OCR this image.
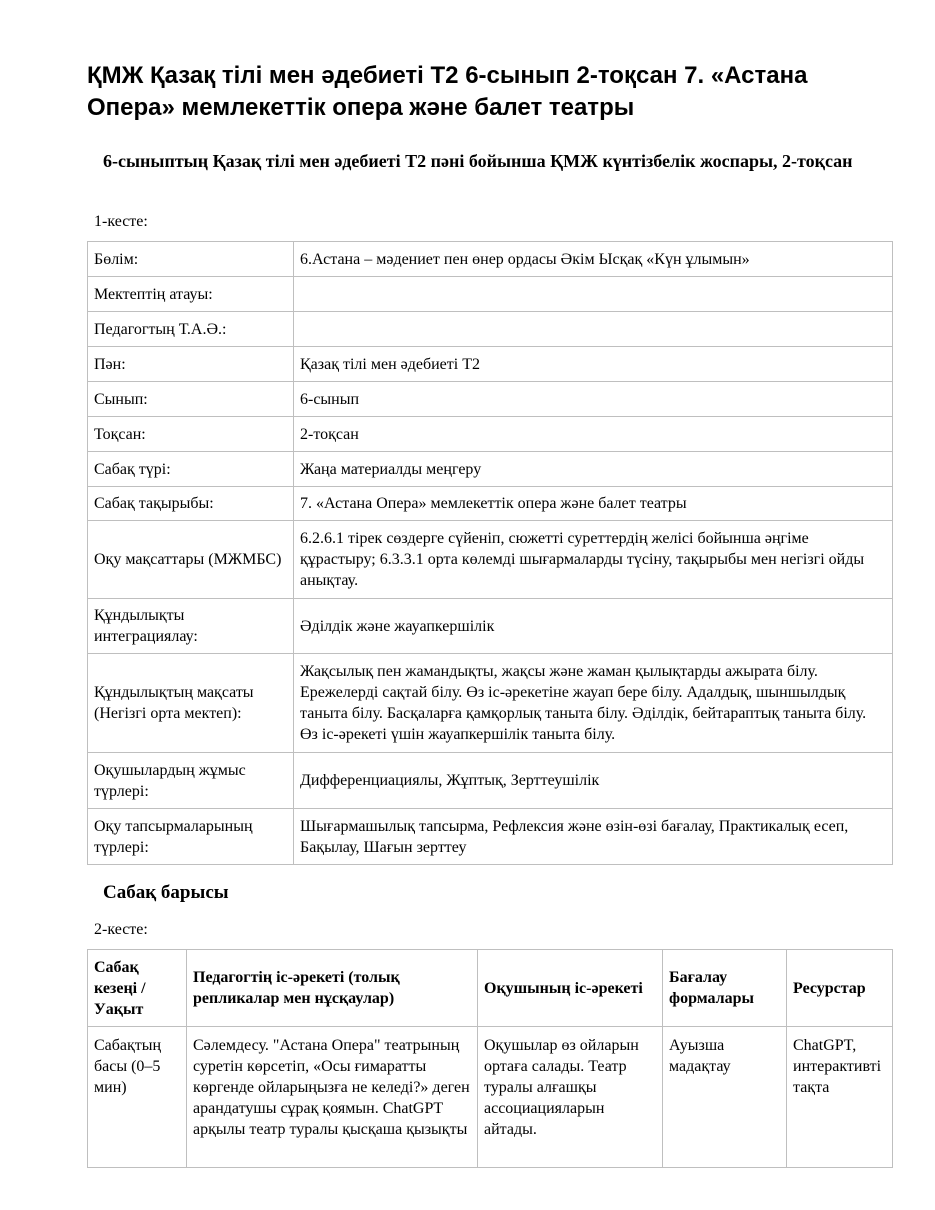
ҚМЖ Қазақ тілі мен әдебиеті Т2 6-сынып 2-тоқсан 7. «Астана Опера» мемлекеттік опера және балет театры
6-сыныптың Қазақ тілі мен әдебиеті Т2 пәні бойынша ҚМЖ күнтізбелік жоспары, 2-тоқсан
1-кесте:
Бөлім:	6.Астана – мәдениет пен өнер ордасы Әкім Ысқақ «Күн ұлымын»
Мектептің атауы:	
Педагогтың Т.А.Ә.:	
Пән:	Қазақ тілі мен әдебиеті Т2
Сынып:	6-сынып
Тоқсан:	2-тоқсан
Сабақ түрі:	Жаңа материалды меңгеру
Сабақ тақырыбы:	7. «Астана Опера» мемлекеттік опера және балет театры
Оқу мақсаттары (МЖМБС)	6.2.6.1 тірек сөздерге сүйеніп, сюжетті суреттердің желісі бойынша әңгіме құрастыру; 6.3.3.1 орта көлемді шығармаларды түсіну, тақырыбы мен негізгі ойды анықтау.
Құндылықты интеграциялау:	Әділдік және жауапкершілік
Құндылықтың мақсаты (Негізгі орта мектеп):	Жақсылық пен жамандықты, жақсы және жаман қылықтарды ажырата білу. Ережелерді сақтай білу. Өз іс-әрекетіне жауап бере білу. Адалдық, шыншылдық таныта білу. Басқаларға қамқорлық таныта білу. Әділдік, бейтараптық таныта білу. Өз іс-әрекеті үшін жауапкершілік таныта білу.
Оқушылардың жұмыс түрлері:	Дифференциациялы, Жұптық, Зерттеушілік
Оқу тапсырмаларының түрлері:	Шығармашылық тапсырма, Рефлексия және өзін-өзі бағалау, Практикалық есеп, Бақылау, Шағын зерттеу
Сабақ барысы
2-кесте:
Сабақ кезеңі / Уақыт	Педагогтің іс-әрекеті (толық репликалар мен нұсқаулар)	Оқушының іс-әрекеті	Бағалау формалары	Ресурстар
Сабақтың басы (0–5 мин)	Сәлемдесу. "Астана Опера" театрының суретін көрсетіп, «Осы ғимаратты көргенде ойларыңызға не келеді?» деген арандатушы сұрақ қоямын. ChatGPT арқылы театр туралы қысқаша қызықты	Оқушылар өз ойларын ортаға салады. Театр туралы алғашқы ассоциацияларын айтады.	Ауызша мадақтау	ChatGPT, интерактивті тақта
